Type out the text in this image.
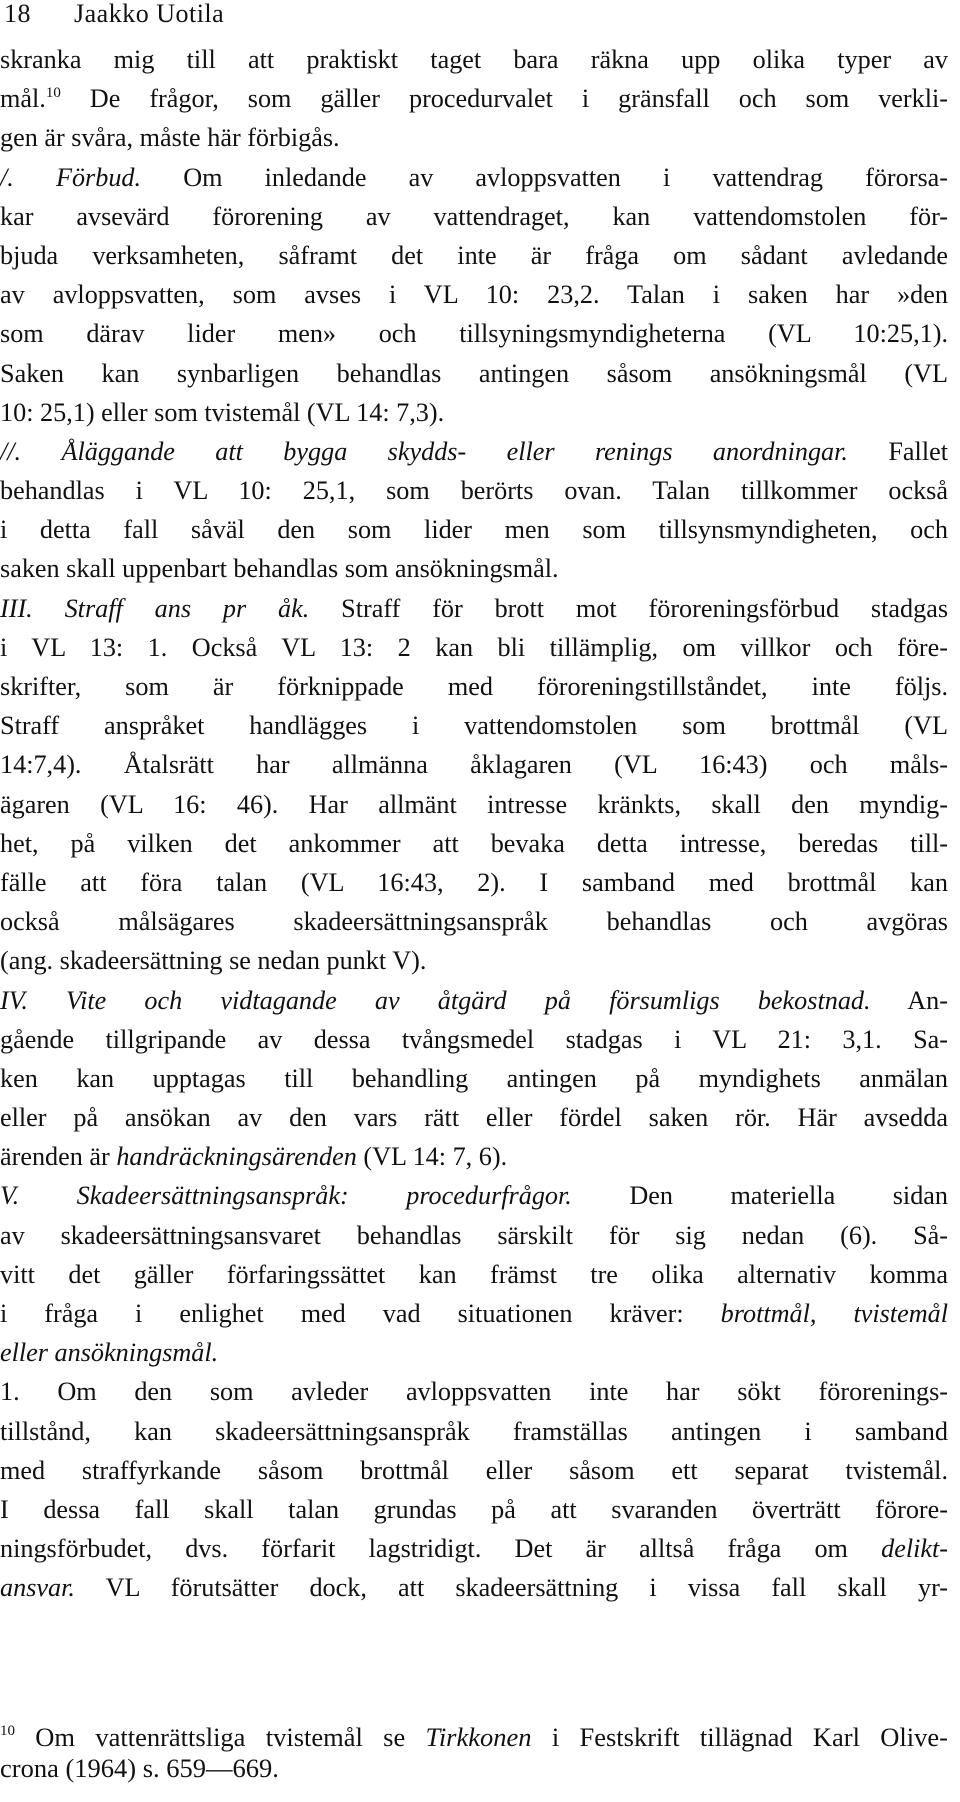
18 Jaakko Uotila
skranka mig till att praktiskt taget bara räkna upp olika typer av
mål.$^{10}$ De frågor, som gäller procedurvalet i gränsfall och som verkli-
gen är svåra, måste här förbigås.
/. Förbud. Om inledande av avloppsvatten i vattendrag förorsa-
kar avsevärd förorening av vattendraget, kan vattendomstolen för-
bjuda verksamheten, såframt det inte är fråga om sådant avledande
av avloppsvatten, som avses i VL 10: 23,2. Talan i saken har »den
som därav lider men» och tillsyningsmyndigheterna (VL 10:25,1).
Saken kan synbarligen behandlas antingen såsom ansökningsmål (VL
10: 25,1) eller som tvistemål (VL 14: 7,3).
//. Åläggande att bygga skydds- eller renings anordningar. Fallet
behandlas i VL 10: 25,1, som berörts ovan. Talan tillkommer också
i detta fall såväl den som lider men som tillsynsmyndigheten, och
saken skall uppenbart behandlas som ansökningsmål.
III. Straff ans pr åk. Straff för brott mot föroreningsförbud stadgas
i VL 13: 1. Också VL 13: 2 kan bli tillämplig, om villkor och före-
skrifter, som är förknippade med föroreningstillståndet, inte följs.
Straff anspråket handlägges i vattendomstolen som brottmål (VL
14:7,4). Åtalsrätt har allmänna åklagaren (VL 16:43) och måls-
ägaren (VL 16: 46). Har allmänt intresse kränkts, skall den myndig-
het, på vilken det ankommer att bevaka detta intresse, beredas till-
fälle att föra talan (VL 16:43, 2). I samband med brottmål kan
också målsägares skadeersättningsanspråk behandlas och avgöras
(ang. skadeersättning se nedan punkt V).
IV. Vite och vidtagande av åtgärd på försumligs bekostnad. An-
gående tillgripande av dessa tvångsmedel stadgas i VL 21: 3,1. Sa-
ken kan upptagas till behandling antingen på myndighets anmälan
eller på ansökan av den vars rätt eller fördel saken rör. Här avsedda
ärenden är handräckningsärenden (VL 14: 7, 6).
V. Skadeersättningsanspråk: procedurfrågor. Den materiella sidan
av skadeersättningsansvaret behandlas särskilt för sig nedan (6). Så-
vitt det gäller förfaringssättet kan främst tre olika alternativ komma
i fråga i enlighet med vad situationen kräver: brottmål, tvistemål
eller ansökningsmål.
1. Om den som avleder avloppsvatten inte har sökt förorenings-
tillstånd, kan skadeersättningsanspråk framställas antingen i samband
med straffyrkande såsom brottmål eller såsom ett separat tvistemål.
I dessa fall skall talan grundas på att svaranden överträtt förore-
ningsförbudet, dvs. förfarit lagstridigt. Det är alltså fråga om delikt-
ansvar. VL förutsätter dock, att skadeersättning i vissa fall skall yr-
$^{10}$ Om vattenrättsliga tvistemål se Tirkkonen i Festskrift tillägnad Karl Olive-
crona (1964) s. 659—669.
